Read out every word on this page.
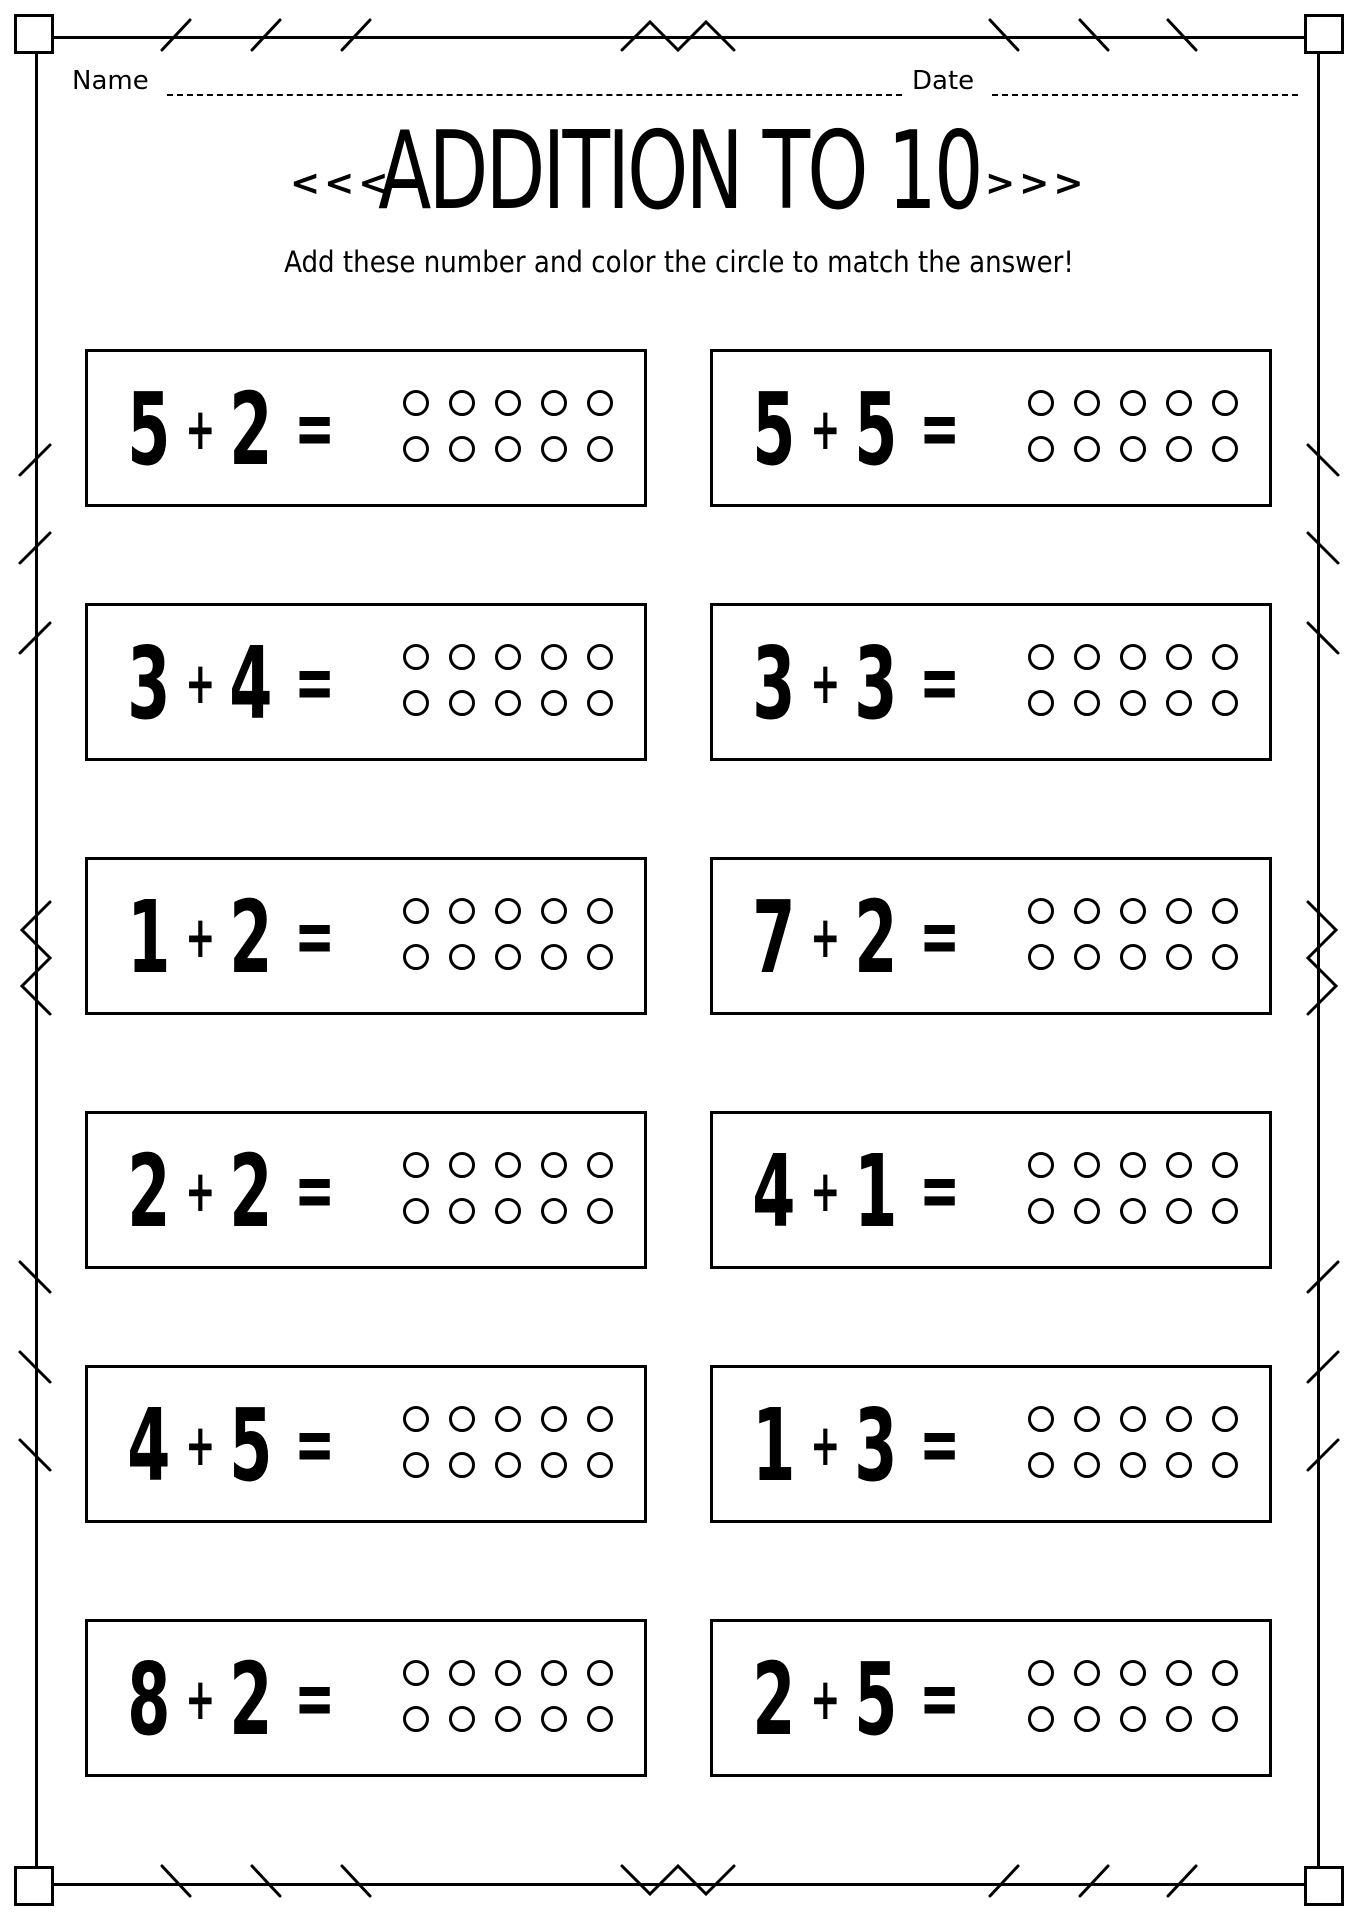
Name	Date
<<<
ADDITION TO 10 >>>
Add these number and color the circle to match the answer!
5 + 2 =	5 + 5 =
3 + 4 =	3 + 3 =
1 + 2 =	7 + 2 =
2 + 2 =	4 + 1 =
4 + 5 =	1 + 3 =
8 + 2 =	2 + 5 =
